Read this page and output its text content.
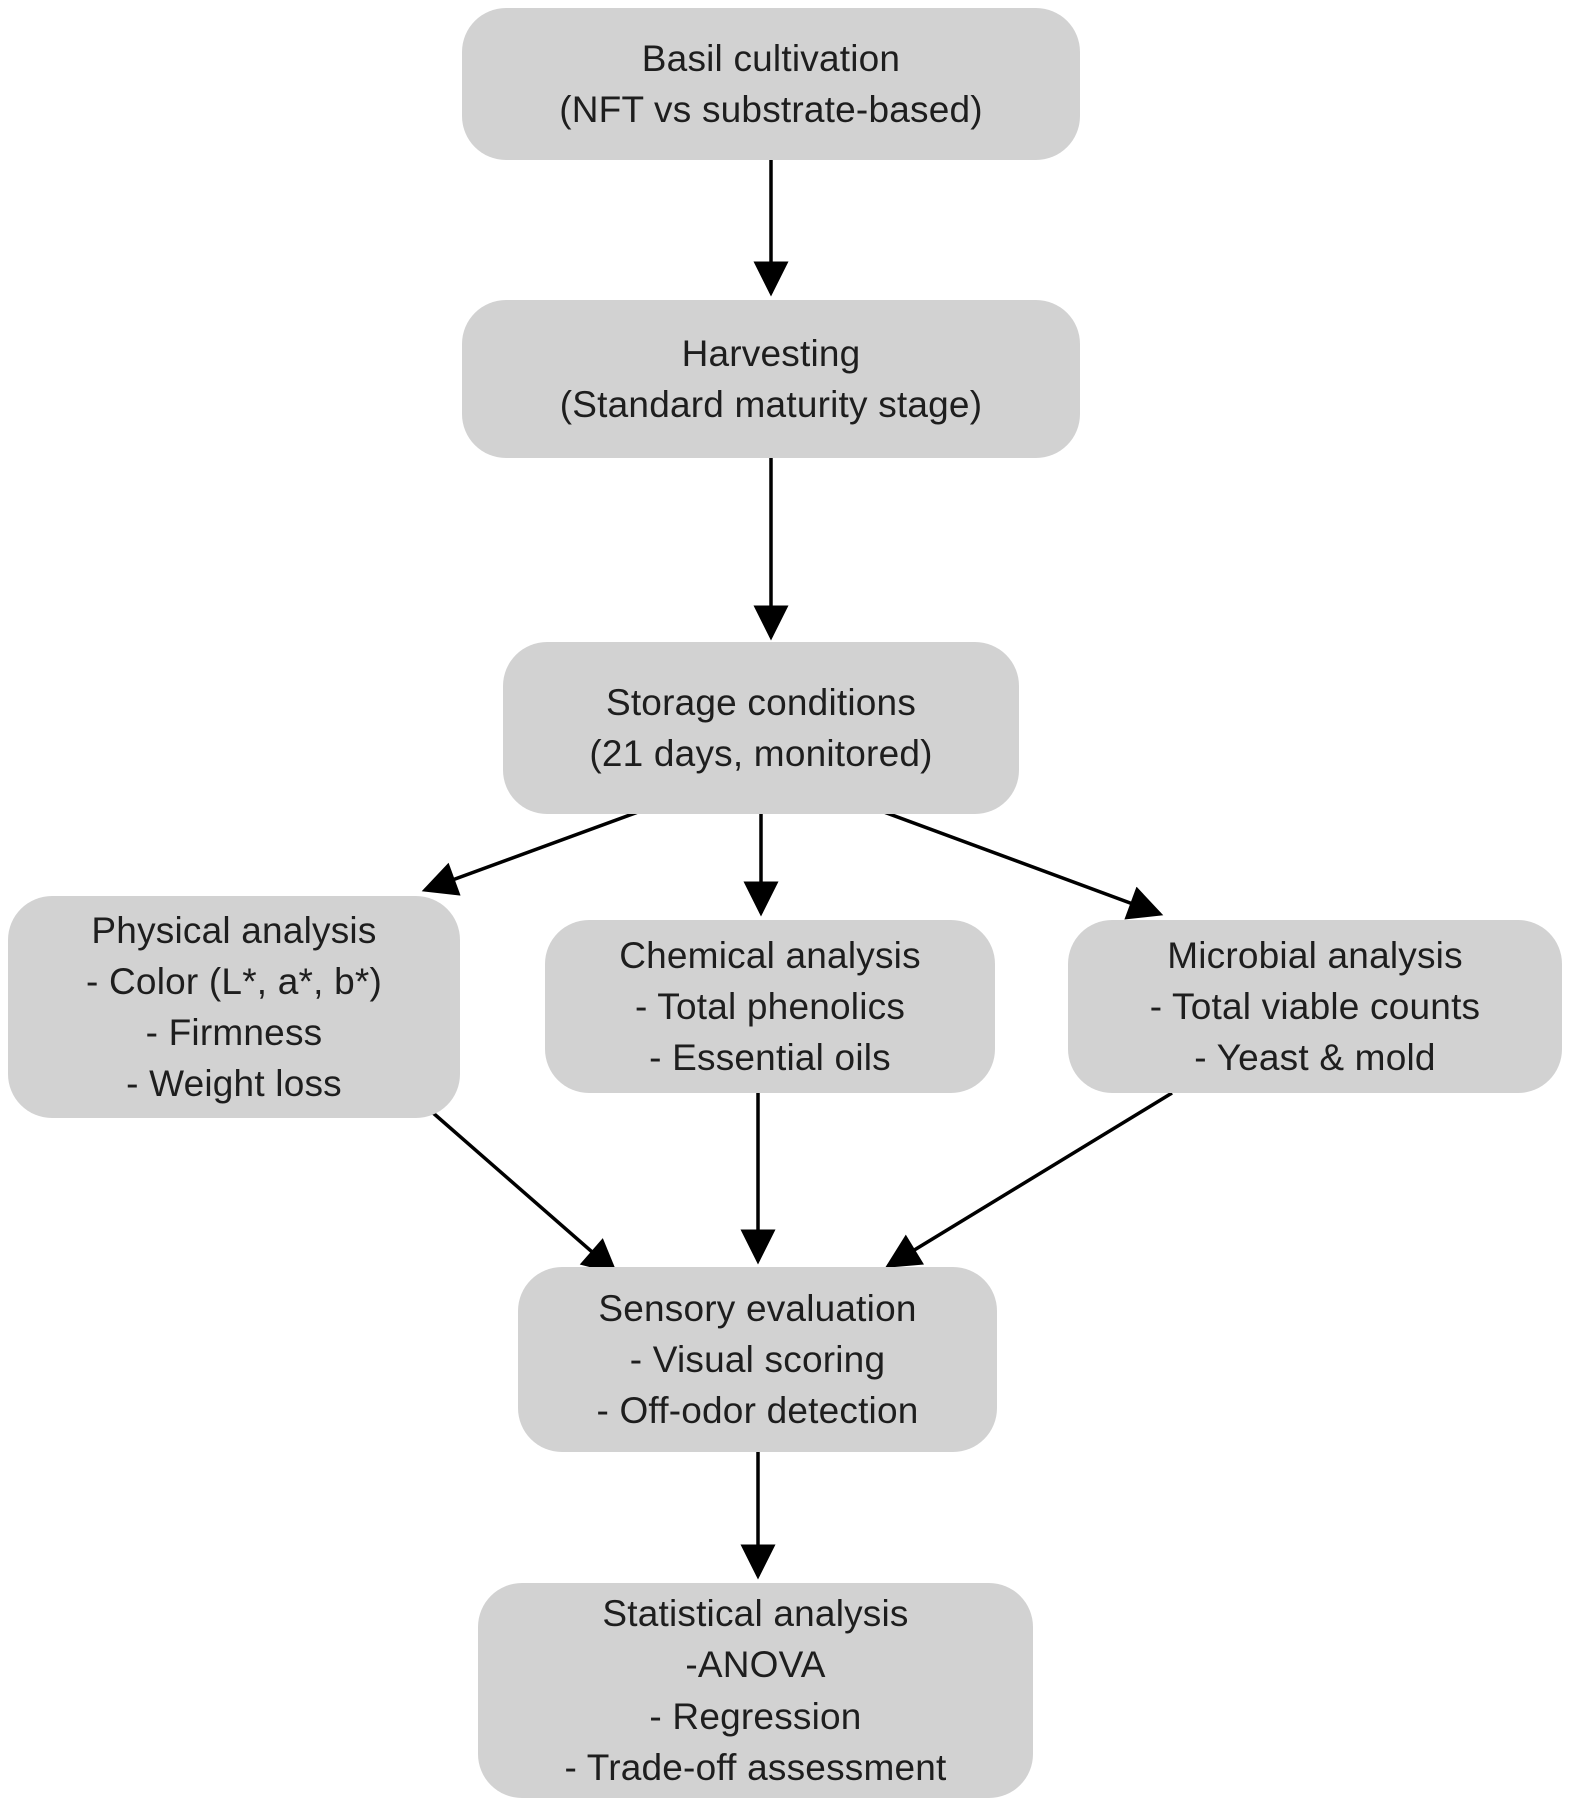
Basil cultivation
(NFT vs substrate-based)
Harvesting
(Standard maturity stage)
Storage conditions
(21 days, monitored)
Physical analysis
- Color (L*, a*, b*)
- Firmness
- Weight loss
Chemical analysis
- Total phenolics
- Essential oils
Microbial analysis
- Total viable counts
- Yeast & mold
Sensory evaluation
- Visual scoring
- Off-odor detection
Statistical analysis
-ANOVA
- Regression
- Trade-off assessment
